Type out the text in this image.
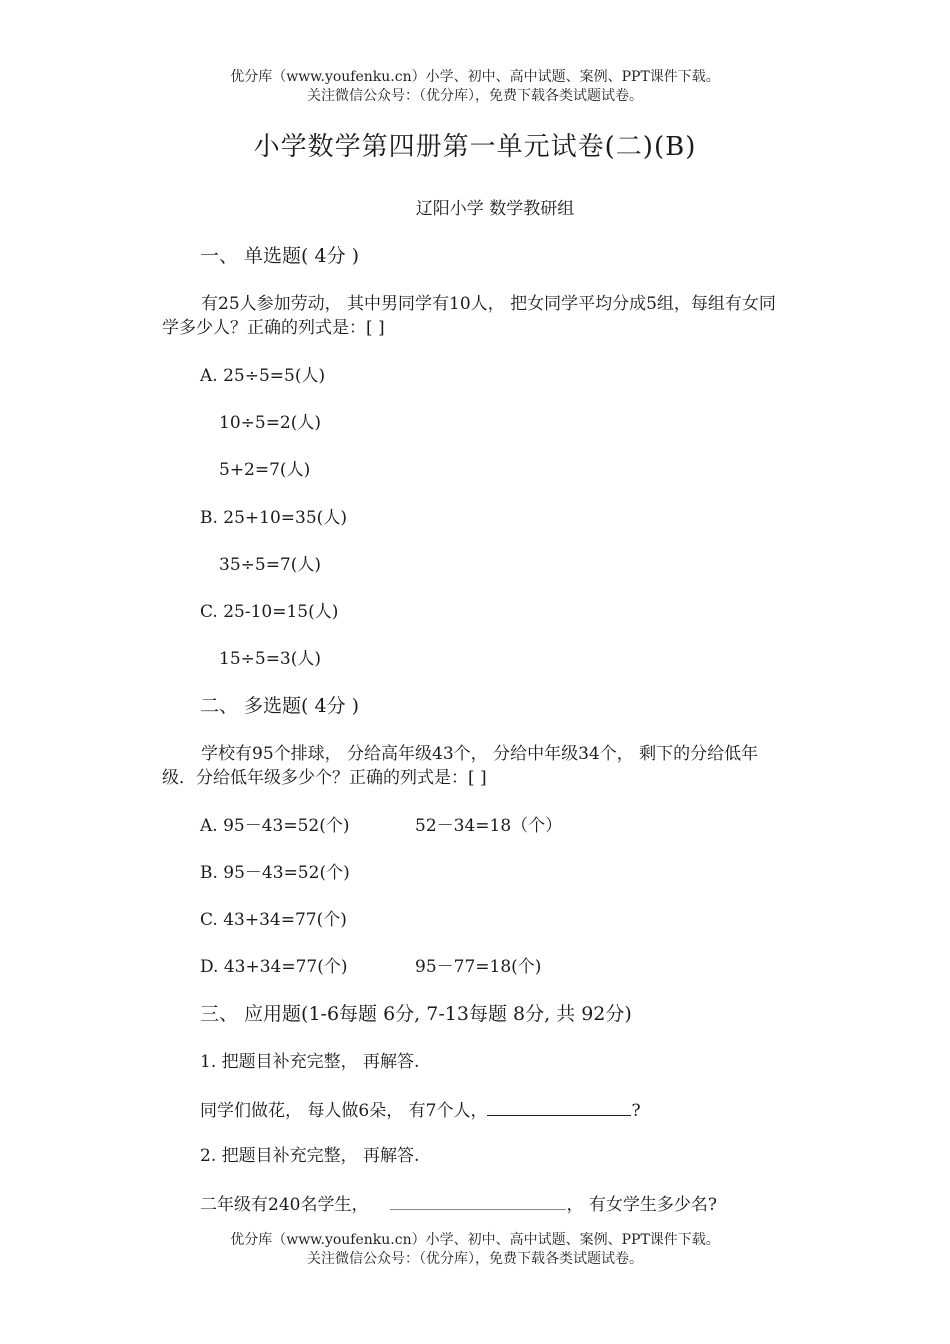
优分库（www.youfenku.cn）小学、初中、高中试题、案例、PPT课件下载。
关注微信公众号：（优分库），免费下载各类试题试卷。
小学数学第四册第一单元试卷(二)(B)
辽阳小学 数学教研组
一、 单选题( 4分 )
有25人参加劳动， 其中男同学有10人， 把女同学平均分成5组，每组有女同学多少人？正确的列式是：[ ]
A. 25÷5=5(人)
10÷5=2(人)
5+2=7(人)
B. 25+10=35(人)
35÷5=7(人)
C. 25-10=15(人)
15÷5=3(人)
二、 多选题( 4分 )
学校有95个排球， 分给高年级43个， 分给中年级34个， 剩下的分给低年级．分给低年级多少个？正确的列式是：[ ]
A. 95－43=52(个)	52－34=18（个）
B. 95－43=52(个)
C. 43+34=77(个)
D. 43+34=77(个)	95－77=18(个)
三、 应用题(1-6每题 6分, 7-13每题 8分, 共 92分)
1. 把题目补充完整， 再解答.
同学们做花， 每人做6朵， 有7个人，	?
2. 把题目补充完整， 再解答.
二年级有240名学生，	， 有女学生多少名?
优分库（www.youfenku.cn）小学、初中、高中试题、案例、PPT课件下载。
关注微信公众号：（优分库），免费下载各类试题试卷。
